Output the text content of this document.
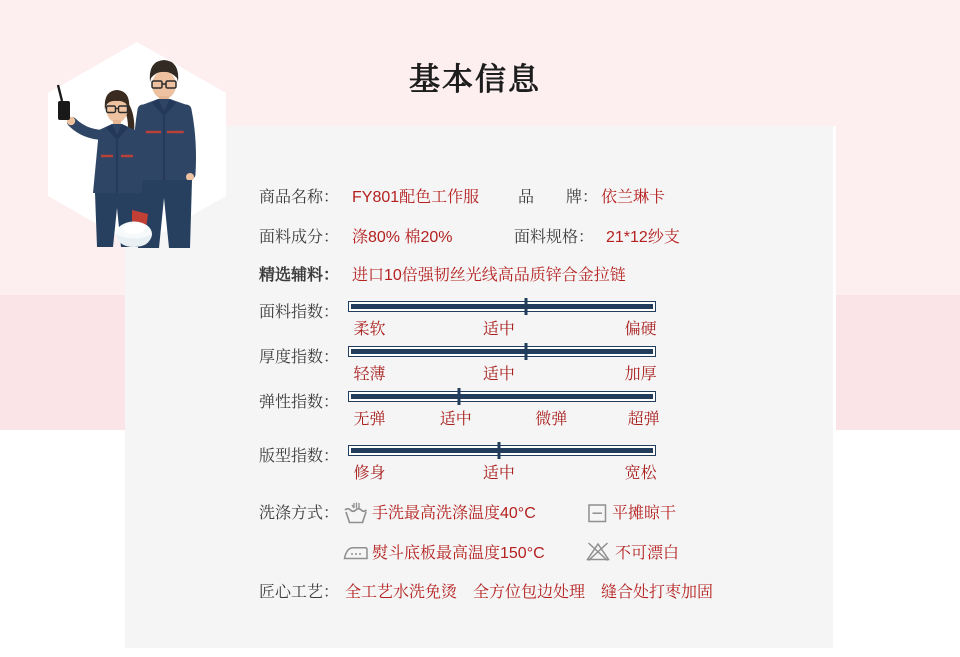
基本信息
商品名称： FY801配色工作服 品　　牌： 依兰琳卡
面料成分： 涤80% 棉20%	面料规格： 21*12纱支
精选辅料： 进口10倍强韧丝光线高品质锌合金拉链
面料指数：
柔软	适中	偏硬
厚度指数：
轻薄	适中	加厚
弹性指数：
无弹	适中	微弹	超弹
版型指数：
修身	适中	宽松
洗涤方式： 手洗最高洗涤温度40°C	平摊晾干
熨斗底板最高温度150°C	不可漂白
匠心工艺： 全工艺水洗免烫　全方位包边处理　缝合处打枣加固
